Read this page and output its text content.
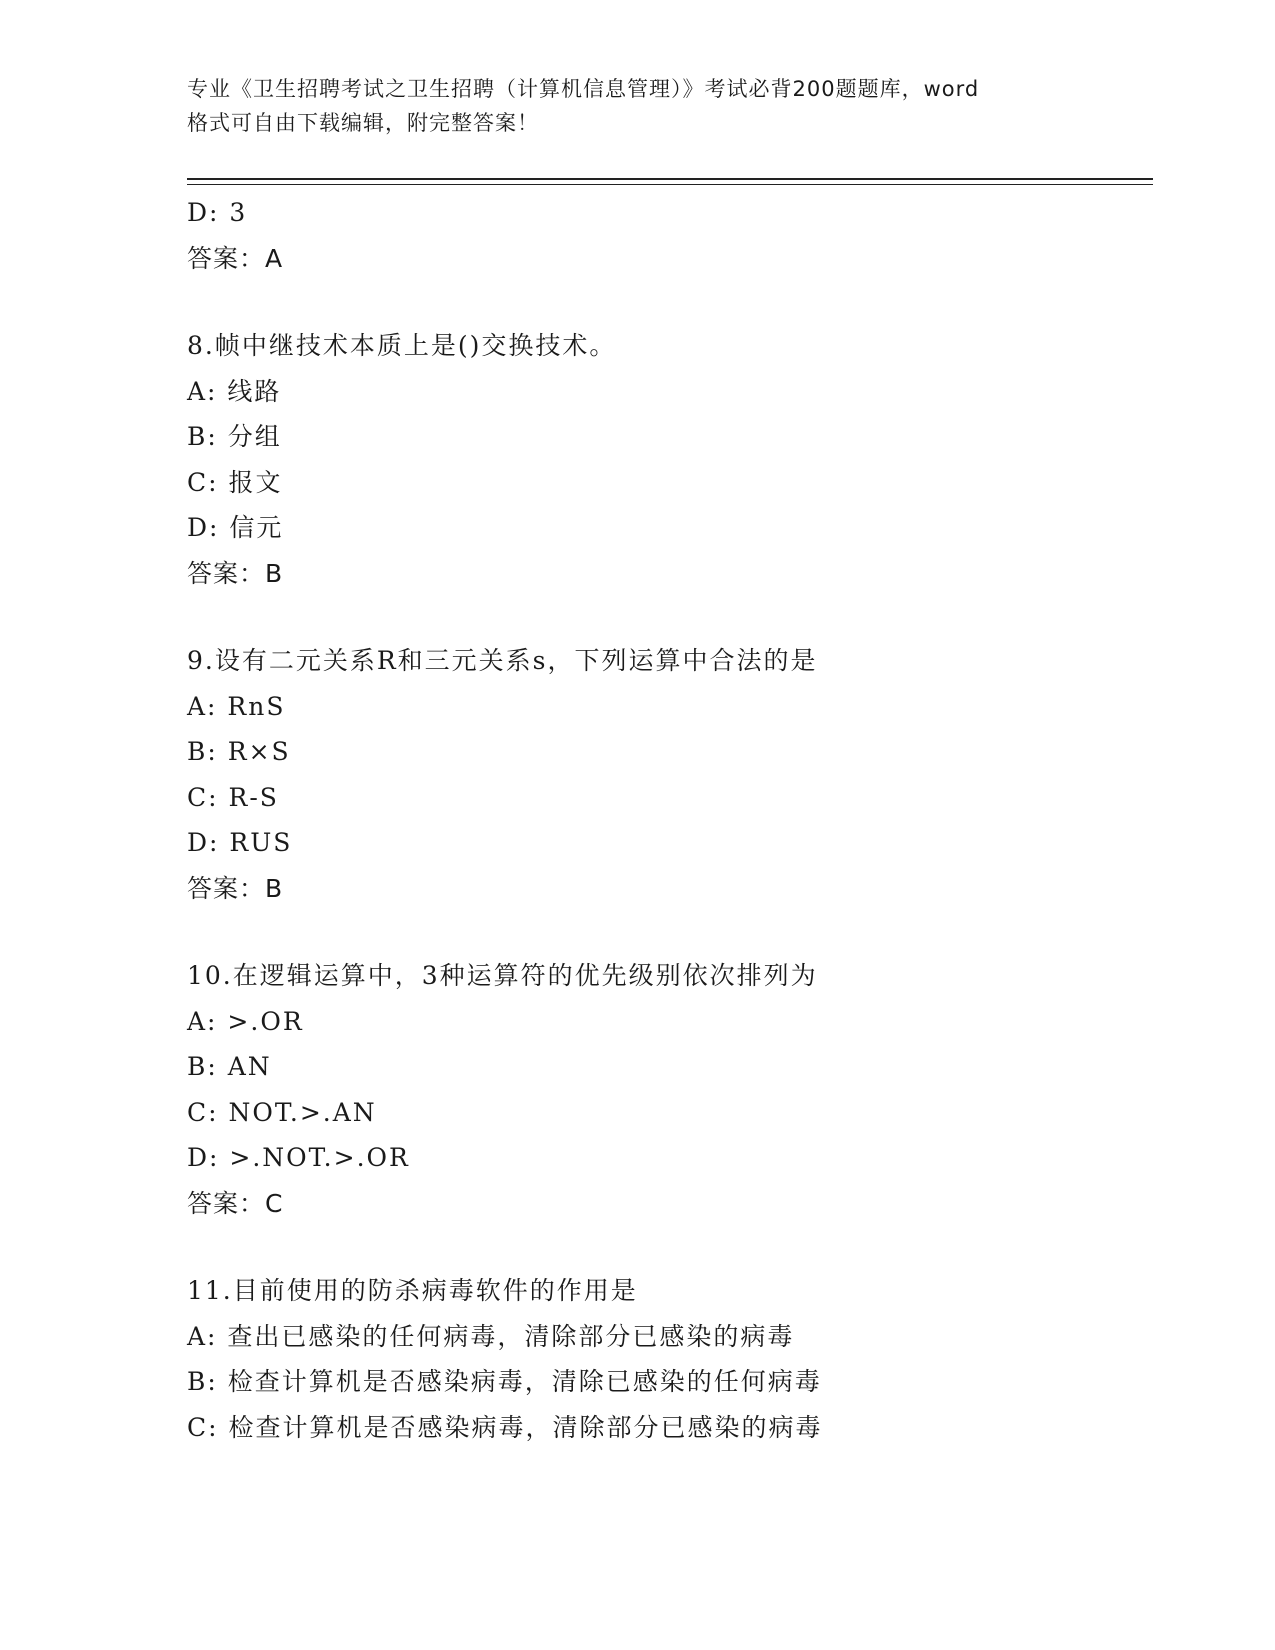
专业《卫生招聘考试之卫生招聘（计算机信息管理）》考试必背200题题库，word
格式可自由下载编辑，附完整答案！
D: 3
答案：A
8.帧中继技术本质上是()交换技术。
A: 线路
B: 分组
C: 报文
D: 信元
答案：B
9.设有二元关系R和三元关系s，下列运算中合法的是
A: RnS
B: R×S
C: R-S
D: RUS
答案：B
10.在逻辑运算中，3种运算符的优先级别依次排列为
A: >.OR
B: AN
C: NOT.>.AN
D: >.NOT.>.OR
答案：C
11.目前使用的防杀病毒软件的作用是
A: 查出已感染的任何病毒，清除部分已感染的病毒
B: 检查计算机是否感染病毒，清除已感染的任何病毒
C: 检查计算机是否感染病毒，清除部分已感染的病毒
